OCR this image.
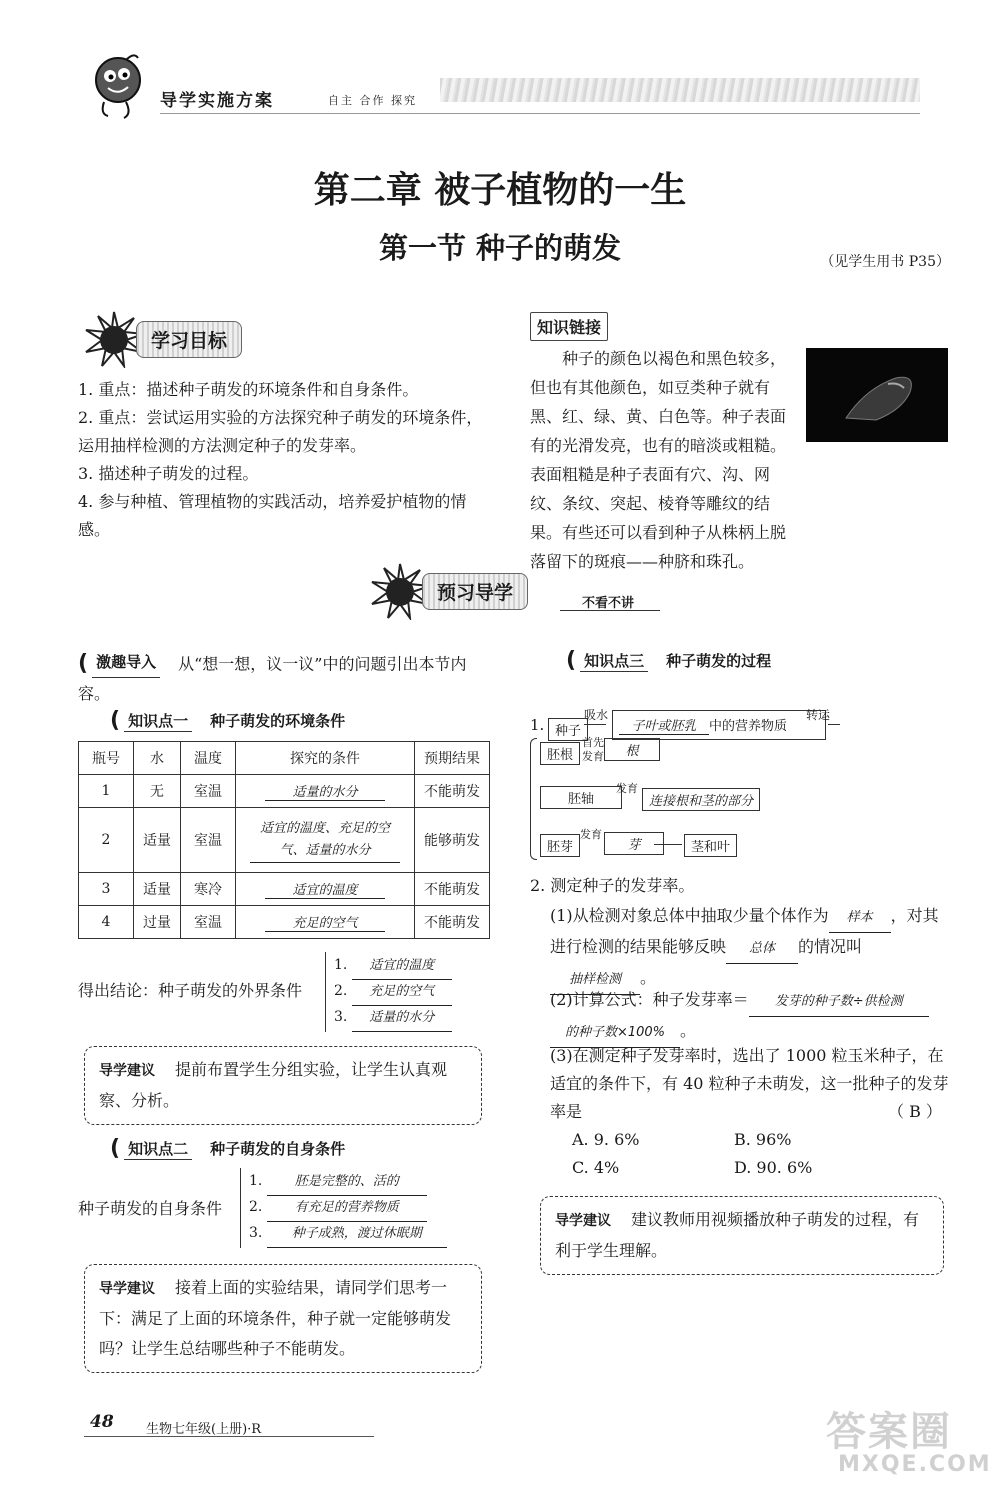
导学实施方案	自主 合作 探究
第二章 被子植物的一生
第一节 种子的萌发	（见学生用书 P35）
学习目标

1. 重点：描述种子萌发的环境条件和自身条件。

2. 重点：尝试运用实验的方法探究种子萌发的环境条件，运用抽样检测的方法测定种子的发芽率。

3. 描述种子萌发的过程。

4. 参与种植、管理植物的实践活动，培养爱护植物的情感。

知识链接
种子的颜色以褐色和黑色较多，但也有其他颜色，如豆类种子就有黑、红、绿、黄、白色等。种子表面有的光滑发亮，也有的暗淡或粗糙。表面粗糙是种子表面有穴、沟、网纹、条纹、突起、棱脊等雕纹的结果。有些还可以看到种子从株柄上脱落留下的斑痕——种脐和珠孔。
预习导学	不看不讲
( 激趣导入 从“想一想，议一议”中的问题引出本节内容。
( 知识点一 种子萌发的环境条件
瓶号	水	温度	探究的条件	预期结果
1	无	室温	适量的水分	不能萌发
2	适量	室温	适宜的温度、充足的空气、适量的水分	能够萌发
3	适量	寒冷	适宜的温度	不能萌发
4	过量	室温	充足的空气	不能萌发
得出结论：种子萌发的外界条件
1. 适宜的温度
2. 充足的空气
3. 适量的水分
导学建议 提前布置学生分组实验，让学生认真观察、分析。
( 知识点二 种子萌发的自身条件
种子萌发的自身条件
1. 胚是完整的、活的
2. 有充足的营养物质
3. 种子成熟，渡过休眠期
导学建议 接着上面的实验结果，请同学们思考一下：满足了上面的环境条件，种子就一定能够萌发吗？让学生总结哪些种子不能萌发。
( 知识点三 种子萌发的过程
1. 种子
吸水
子叶或胚乳 中的营养物质
转运
胚根
首先
发育	根
胚轴
发育
连接根和茎的部分
胚芽
发育
芽	茎和叶
2. 测定种子的发芽率。
(1)从检测对象总体中抽取少量个体作为 样本 ，对其进行检测的结果能够反映 总体 的情况叫抽样检测 。
(2)计算公式：种子发芽率＝ 发芽的种子数÷供检测的种子数×100% 。
(3)在测定种子发芽率时，选出了 1000 粒玉米种子，在适宜的条件下，有 40 粒种子未萌发，这一批种子的发芽率是	（ B ）
A. 9. 6%	B. 96%
C. 4%	D. 90. 6%
导学建议 建议教师用视频播放种子萌发的过程，有利于学生理解。
48 生物七年级(上册)·R	答案圈
MXQE.COM
